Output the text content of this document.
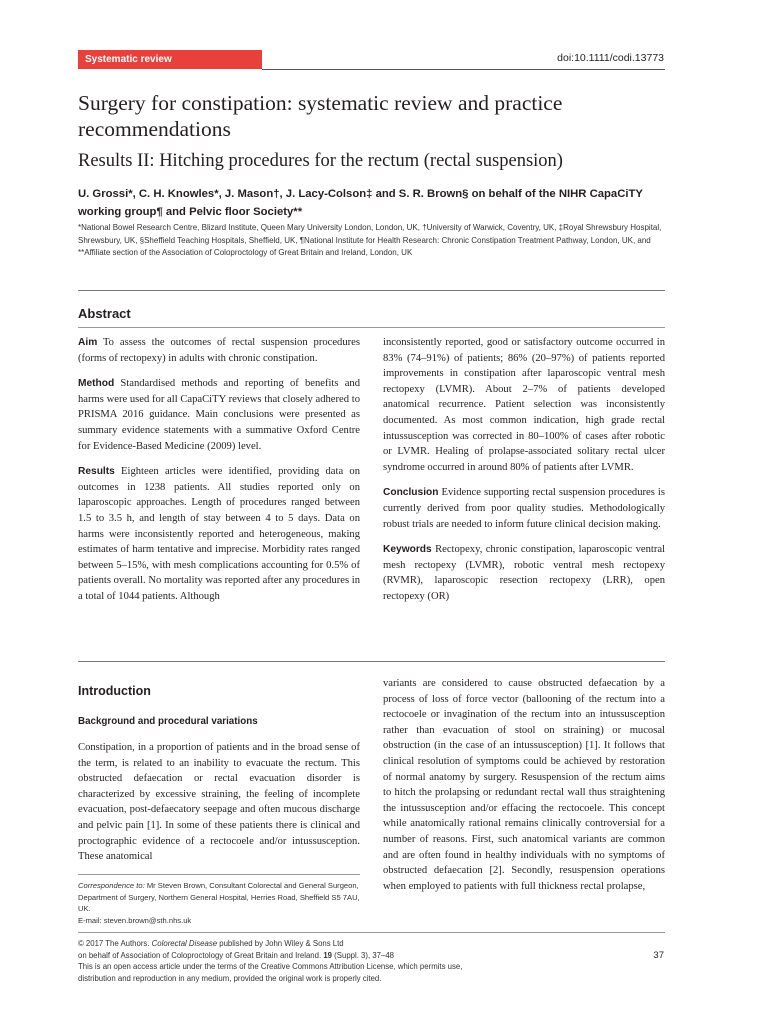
Systematic review	doi:10.1111/codi.13773
Surgery for constipation: systematic review and practice recommendations
Results II: Hitching procedures for the rectum (rectal suspension)
U. Grossi*, C. H. Knowles*, J. Mason†, J. Lacy-Colson‡ and S. R. Brown§ on behalf of the NIHR CapaCiTY working group¶ and Pelvic floor Society**
*National Bowel Research Centre, Blizard Institute, Queen Mary University London, London, UK, †University of Warwick, Coventry, UK, ‡Royal Shrewsbury Hospital, Shrewsbury, UK, §Sheffield Teaching Hospitals, Sheffield, UK, ¶National Institute for Health Research: Chronic Constipation Treatment Pathway, London, UK, and **Affiliate section of the Association of Coloproctology of Great Britain and Ireland, London, UK
Abstract

Aim To assess the outcomes of rectal suspension procedures (forms of rectopexy) in adults with chronic constipation.

Method Standardised methods and reporting of benefits and harms were used for all CapaCiTY reviews that closely adhered to PRISMA 2016 guidance. Main conclusions were presented as summary evidence statements with a summative Oxford Centre for Evidence-Based Medicine (2009) level.

Results Eighteen articles were identified, providing data on outcomes in 1238 patients. All studies reported only on laparoscopic approaches. Length of procedures ranged between 1.5 to 3.5 h, and length of stay between 4 to 5 days. Data on harms were inconsistently reported and heterogeneous, making estimates of harm tentative and imprecise. Morbidity rates ranged between 5–15%, with mesh complications accounting for 0.5% of patients overall. No mortality was reported after any procedures in a total of 1044 patients. Although

inconsistently reported, good or satisfactory outcome occurred in 83% (74–91%) of patients; 86% (20–97%) of patients reported improvements in constipation after laparoscopic ventral mesh rectopexy (LVMR). About 2–7% of patients developed anatomical recurrence. Patient selection was inconsistently documented. As most common indication, high grade rectal intussusception was corrected in 80–100% of cases after robotic or LVMR. Healing of prolapse-associated solitary rectal ulcer syndrome occurred in around 80% of patients after LVMR.

Conclusion Evidence supporting rectal suspension procedures is currently derived from poor quality studies. Methodologically robust trials are needed to inform future clinical decision making.

Keywords Rectopexy, chronic constipation, laparoscopic ventral mesh rectopexy (LVMR), robotic ventral mesh rectopexy (RVMR), laparoscopic resection rectopexy (LRR), open rectopexy (OR)

Introduction
Background and procedural variations

Constipation, in a proportion of patients and in the broad sense of the term, is related to an inability to evacuate the rectum. This obstructed defaecation or rectal evacuation disorder is characterized by excessive straining, the feeling of incomplete evacuation, post-defaecatory seepage and often mucous discharge and pelvic pain [1]. In some of these patients there is clinical and proctographic evidence of a rectocoele and/or intussusception. These anatomical

variants are considered to cause obstructed defaecation by a process of loss of force vector (ballooning of the rectum into a rectocoele or invagination of the rectum into an intussusception rather than evacuation of stool on straining) or mucosal obstruction (in the case of an intussusception) [1]. It follows that clinical resolution of symptoms could be achieved by restoration of normal anatomy by surgery. Resuspension of the rectum aims to hitch the prolapsing or redundant rectal wall thus straightening the intussusception and/or effacing the rectocoele. This concept while anatomically rational remains clinically controversial for a number of reasons. First, such anatomical variants are common and are often found in healthy individuals with no symptoms of obstructed defaecation [2]. Secondly, resuspension operations when employed to patients with full thickness rectal prolapse,

Correspondence to: Mr Steven Brown, Consultant Colorectal and General Surgeon, Department of Surgery, Northern General Hospital, Herries Road, Sheffield S5 7AU, UK.

E-mail: steven.brown@sth.nhs.uk

© 2017 The Authors. Colorectal Disease published by John Wiley & Sons Ltd

on behalf of Association of Coloproctology of Great Britain and Ireland. 19 (Suppl. 3), 37–48

This is an open access article under the terms of the Creative Commons Attribution License, which permits use,

distribution and reproduction in any medium, provided the original work is properly cited.

37
